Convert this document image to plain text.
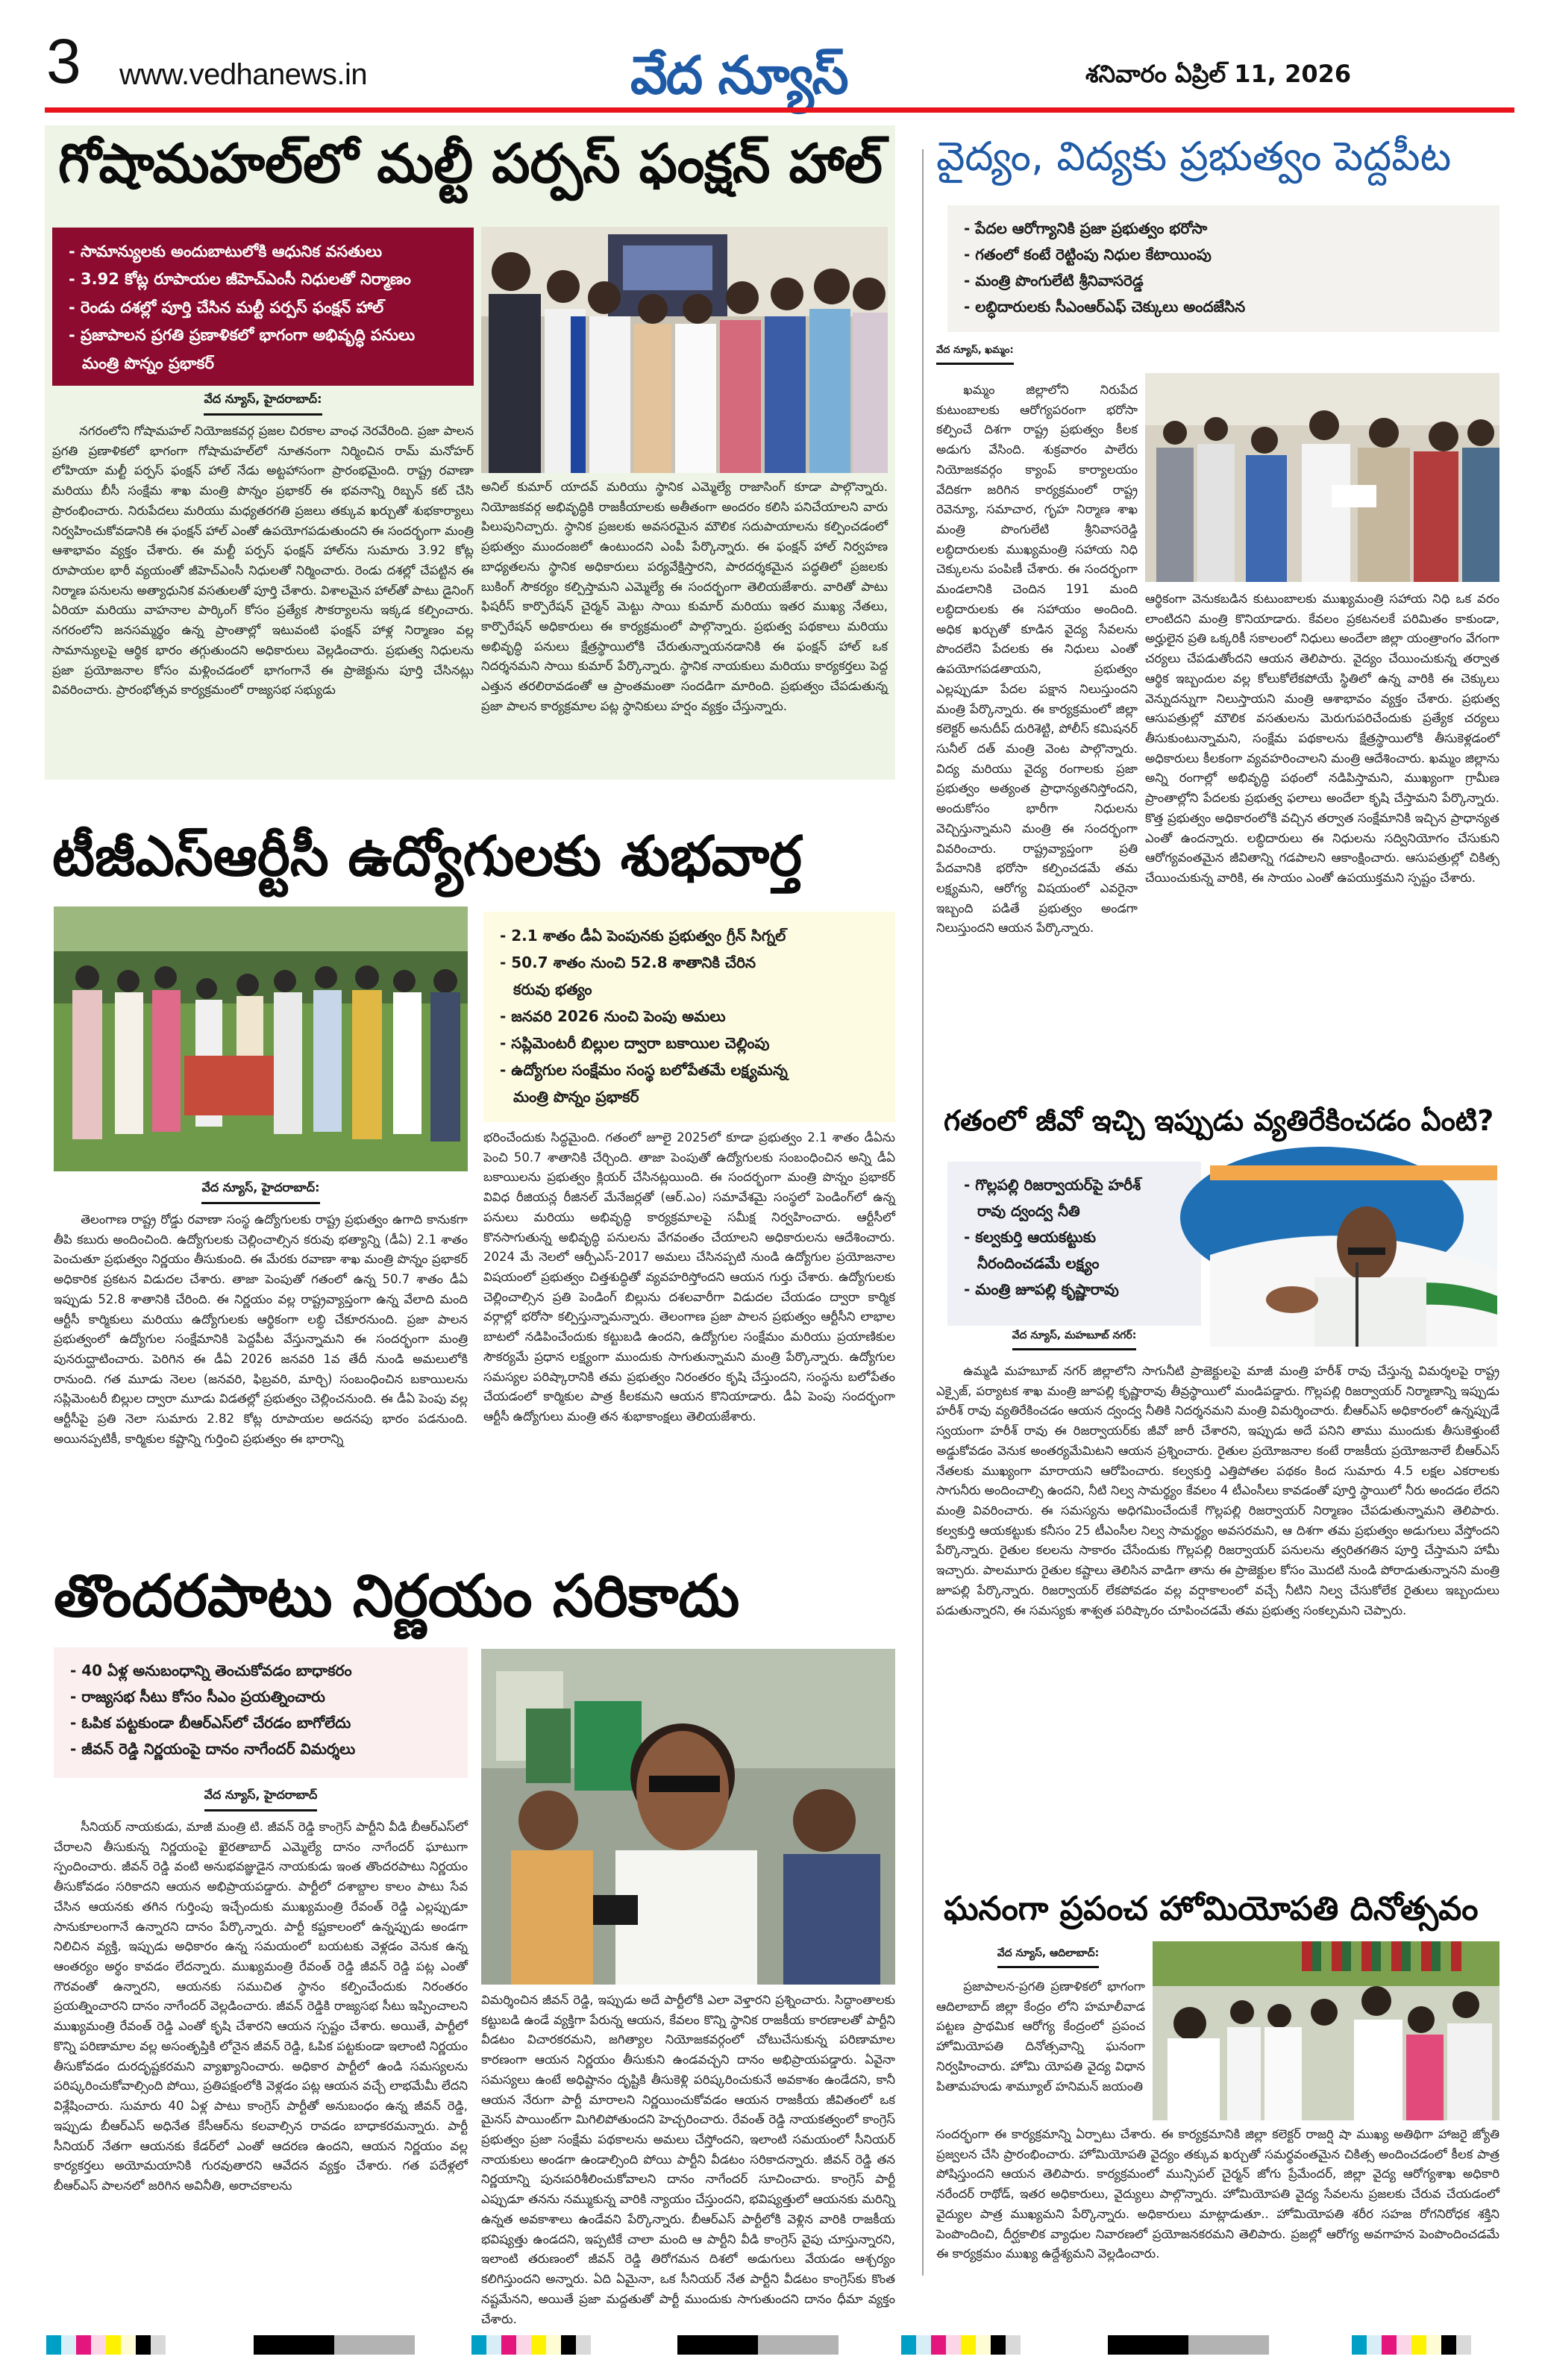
3 www.vedhanews.in	వేద న్యూస్	శనివారం ఏప్రిల్ 11, 2026
గోషామహల్‌లో మల్టీ పర్పస్ ఫంక్షన్ హాల్
- సామాన్యులకు అందుబాటులోకి ఆధునిక వసతులు
- 3.92 కోట్ల రూపాయల జీహెచ్ఎంసీ నిధులతో నిర్మాణం
- రెండు దశల్లో పూర్తి చేసిన మల్టీ పర్పస్ ఫంక్షన్ హాల్
- ప్రజాపాలన ప్రగతి ప్రణాళికలో భాగంగా అభివృద్ధి పనులు
మంత్రి పొన్నం ప్రభాకర్
వేద న్యూస్, హైదరాబాద్:

నగరంలోని గోషామహల్ నియోజకవర్గ ప్రజల చిరకాల వాంఛ నెరవేరింది. ప్రజా పాలన ప్రగతి ప్రణాళికలో భాగంగా గోషామహల్‌లో నూతనంగా నిర్మించిన రామ్ మనోహర్ లోహియా మల్టీ పర్పస్ ఫంక్షన్ హాల్ నేడు అట్టహాసంగా ప్రారంభమైంది. రాష్ట్ర రవాణా మరియు బీసీ సంక్షేమ శాఖ మంత్రి పొన్నం ప్రభాకర్ ఈ భవనాన్ని రిబ్బన్ కట్ చేసి ప్రారంభించారు. నిరుపేదలు మరియు మధ్యతరగతి ప్రజలు తక్కువ ఖర్చుతో శుభకార్యాలు నిర్వహించుకోవడానికి ఈ ఫంక్షన్ హాల్ ఎంతో ఉపయోగపడుతుందని ఈ సందర్భంగా మంత్రి ఆశాభావం వ్యక్తం చేశారు. ఈ మల్టీ పర్పస్ ఫంక్షన్ హాల్‌ను సుమారు 3.92 కోట్ల రూపాయల భారీ వ్యయంతో జీహెచ్ఎంసీ నిధులతో నిర్మించారు. రెండు దశల్లో చేపట్టిన ఈ నిర్మాణ పనులను అత్యాధునిక వసతులతో పూర్తి చేశారు. విశాలమైన హాల్‌తో పాటు డైనింగ్ ఏరియా మరియు వాహనాల పార్కింగ్ కోసం ప్రత్యేక సౌకర్యాలను ఇక్కడ కల్పించారు. నగరంలోని జనసమ్మర్థం ఉన్న ప్రాంతాల్లో ఇటువంటి ఫంక్షన్ హాళ్ల నిర్మాణం వల్ల సామాన్యులపై ఆర్థిక భారం తగ్గుతుందని అధికారులు వెల్లడించారు. ప్రభుత్వ నిధులను ప్రజా ప్రయోజనాల కోసం మళ్లించడంలో భాగంగానే ఈ ప్రాజెక్టును పూర్తి చేసినట్లు వివరించారు. ప్రారంభోత్సవ కార్యక్రమంలో రాజ్యసభ సభ్యుడు

అనిల్ కుమార్ యాదవ్ మరియు స్థానిక ఎమ్మెల్యే రాజాసింగ్ కూడా పాల్గొన్నారు. నియోజకవర్గ అభివృద్ధికి రాజకీయాలకు అతీతంగా అందరం కలిసి పనిచేయాలని వారు పిలుపునిచ్చారు. స్థానిక ప్రజలకు అవసరమైన మౌలిక సదుపాయాలను కల్పించడంలో ప్రభుత్వం ముందంజలో ఉంటుందని ఎంపీ పేర్కొన్నారు. ఈ ఫంక్షన్ హాల్ నిర్వహణ బాధ్యతలను స్థానిక అధికారులు పర్యవేక్షిస్తారని, పారదర్శకమైన పద్ధతిలో ప్రజలకు బుకింగ్ సౌకర్యం కల్పిస్తామని ఎమ్మెల్యే ఈ సందర్భంగా తెలియజేశారు. వారితో పాటు ఫిషరీస్ కార్పొరేషన్ చైర్మన్ మెట్టు సాయి కుమార్ మరియు ఇతర ముఖ్య నేతలు, కార్పొరేషన్ అధికారులు ఈ కార్యక్రమంలో పాల్గొన్నారు. ప్రభుత్వ పథకాలు మరియు అభివృద్ధి పనులు క్షేత్రస్థాయిలోకి చేరుతున్నాయనడానికి ఈ ఫంక్షన్ హాల్ ఒక నిదర్శనమని సాయి కుమార్ పేర్కొన్నారు. స్థానిక నాయకులు మరియు కార్యకర్తలు పెద్ద ఎత్తున తరలిరావడంతో ఆ ప్రాంతమంతా సందడిగా మారింది. ప్రభుత్వం చేపడుతున్న ప్రజా పాలన కార్యక్రమాల పట్ల స్థానికులు హర్షం వ్యక్తం చేస్తున్నారు.

టీజీఎస్ఆర్టీసీ ఉద్యోగులకు శుభవార్త
- 2.1 శాతం డీఏ పెంపునకు ప్రభుత్వం గ్రీన్ సిగ్నల్
- 50.7 శాతం నుంచి 52.8 శాతానికి చేరిన
కరువు భత్యం
- జనవరి 2026 నుంచి పెంపు అమలు
- సప్లిమెంటరీ బిల్లుల ద్వారా బకాయిల చెల్లింపు
- ఉద్యోగుల సంక్షేమం సంస్థ బలోపేతమే లక్ష్యమన్న
మంత్రి పొన్నం ప్రభాకర్
వేద న్యూస్, హైదరాబాద్:

తెలంగాణ రాష్ట్ర రోడ్డు రవాణా సంస్థ ఉద్యోగులకు రాష్ట్ర ప్రభుత్వం ఉగాది కానుకగా తీపి కబురు అందించింది. ఉద్యోగులకు చెల్లించాల్సిన కరువు భత్యాన్ని (డీఏ) 2.1 శాతం పెంచుతూ ప్రభుత్వం నిర్ణయం తీసుకుంది. ఈ మేరకు రవాణా శాఖ మంత్రి పొన్నం ప్రభాకర్ అధికారిక ప్రకటన విడుదల చేశారు. తాజా పెంపుతో గతంలో ఉన్న 50.7 శాతం డీఏ ఇప్పుడు 52.8 శాతానికి చేరింది. ఈ నిర్ణయం వల్ల రాష్ట్రవ్యాప్తంగా ఉన్న వేలాది మంది ఆర్టీసీ కార్మికులు మరియు ఉద్యోగులకు ఆర్థికంగా లబ్ధి చేకూరనుంది. ప్రజా పాలన ప్రభుత్వంలో ఉద్యోగుల సంక్షేమానికి పెద్దపీట వేస్తున్నామని ఈ సందర్భంగా మంత్రి పునరుద్ఘాటించారు. పెరిగిన ఈ డీఏ 2026 జనవరి 1వ తేదీ నుండి అమలులోకి రానుంది. గత మూడు నెలల (జనవరి, ఫిబ్రవరి, మార్చి) సంబంధించిన బకాయిలను సప్లిమెంటరీ బిల్లుల ద్వారా మూడు విడతల్లో ప్రభుత్వం చెల్లించనుంది. ఈ డీఏ పెంపు వల్ల ఆర్టీసీపై ప్రతి నెలా సుమారు 2.82 కోట్ల రూపాయల అదనపు భారం పడనుంది. అయినప్పటికీ, కార్మికుల కష్టాన్ని గుర్తించి ప్రభుత్వం ఈ భారాన్ని

భరించేందుకు సిద్ధమైంది. గతంలో జూలై 2025లో కూడా ప్రభుత్వం 2.1 శాతం డీఏను పెంచి 50.7 శాతానికి చేర్చింది. తాజా పెంపుతో ఉద్యోగులకు సంబంధించిన అన్ని డీఏ బకాయిలను ప్రభుత్వం క్లియర్ చేసినట్లయింది. ఈ సందర్భంగా మంత్రి పొన్నం ప్రభాకర్ వివిధ రీజియన్ల రీజినల్ మేనేజర్లతో (ఆర్.ఎం) సమావేశమై సంస్థలో పెండింగ్‌లో ఉన్న పనులు మరియు అభివృద్ధి కార్యక్రమాలపై సమీక్ష నిర్వహించారు. ఆర్టీసీలో కొనసాగుతున్న అభివృద్ధి పనులను వేగవంతం చేయాలని అధికారులను ఆదేశించారు. 2024 మే నెలలో ఆర్పీఎస్-2017 అమలు చేసినప్పటి నుండి ఉద్యోగుల ప్రయోజనాల విషయంలో ప్రభుత్వం చిత్తశుద్ధితో వ్యవహరిస్తోందని ఆయన గుర్తు చేశారు. ఉద్యోగులకు చెల్లించాల్సిన ప్రతి పెండింగ్ బిల్లును దశలవారీగా విడుదల చేయడం ద్వారా కార్మిక వర్గాల్లో భరోసా కల్పిస్తున్నామన్నారు. తెలంగాణ ప్రజా పాలన ప్రభుత్వం ఆర్టీసీని లాభాల బాటలో నడిపించేందుకు కట్టుబడి ఉందని, ఉద్యోగుల సంక్షేమం మరియు ప్రయాణికుల సౌకర్యమే ప్రధాన లక్ష్యంగా ముందుకు సాగుతున్నామని మంత్రి పేర్కొన్నారు. ఉద్యోగుల సమస్యల పరిష్కారానికి తమ ప్రభుత్వం నిరంతరం కృషి చేస్తుందని, సంస్థను బలోపేతం చేయడంలో కార్మికుల పాత్ర కీలకమని ఆయన కొనియాడారు. డీఏ పెంపు సందర్భంగా ఆర్టీసీ ఉద్యోగులు మంత్రి తన శుభాకాంక్షలు తెలియజేశారు.

తొందరపాటు నిర్ణయం సరికాదు
- 40 ఏళ్ల అనుబంధాన్ని తెంచుకోవడం బాధాకరం
- రాజ్యసభ సీటు కోసం సీఎం ప్రయత్నించారు
- ఓపిక పట్టకుండా బీఆర్ఎస్‌లో చేరడం బాగోలేదు
- జీవన్ రెడ్డి నిర్ణయంపై దానం నాగేందర్ విమర్శలు
వేద న్యూస్, హైదరాబాద్

సీనియర్ నాయకుడు, మాజీ మంత్రి టి. జీవన్ రెడ్డి కాంగ్రెస్ పార్టీని వీడి బీఆర్ఎస్‌లో చేరాలని తీసుకున్న నిర్ణయంపై ఖైరతాబాద్ ఎమ్మెల్యే దానం నాగేందర్ ఘాటుగా స్పందించారు. జీవన్ రెడ్డి వంటి అనుభవజ్ఞుడైన నాయకుడు ఇంత తొందరపాటు నిర్ణయం తీసుకోవడం సరికాదని ఆయన అభిప్రాయపడ్డారు. పార్టీలో దశాబ్దాల కాలం పాటు సేవ చేసిన ఆయనకు తగిన గుర్తింపు ఇచ్చేందుకు ముఖ్యమంత్రి రేవంత్ రెడ్డి ఎల్లప్పుడూ సానుకూలంగానే ఉన్నారని దానం పేర్కొన్నారు. పార్టీ కష్టకాలంలో ఉన్నప్పుడు అండగా నిలిచిన వ్యక్తి, ఇప్పుడు అధికారం ఉన్న సమయంలో బయటకు వెళ్లడం వెనుక ఉన్న ఆంతర్యం అర్థం కావడం లేదన్నారు. ముఖ్యమంత్రి రేవంత్ రెడ్డి జీవన్ రెడ్డి పట్ల ఎంతో గౌరవంతో ఉన్నారని, ఆయనకు సముచిత స్థానం కల్పించేందుకు నిరంతరం ప్రయత్నించారని దానం నాగేందర్ వెల్లడించారు. జీవన్ రెడ్డికి రాజ్యసభ సీటు ఇప్పించాలని ముఖ్యమంత్రి రేవంత్ రెడ్డి ఎంతో కృషి చేశారని ఆయన స్పష్టం చేశారు. అయితే, పార్టీలో కొన్ని పరిణామాల వల్ల అసంతృప్తికి లోనైన జీవన్ రెడ్డి, ఓపిక పట్టకుండా ఇలాంటి నిర్ణయం తీసుకోవడం దురదృష్టకరమని వ్యాఖ్యానించారు. అధికార పార్టీలో ఉండి సమస్యలను పరిష్కరించుకోవాల్సింది పోయి, ప్రతిపక్షంలోకి వెళ్లడం పట్ల ఆయన వచ్చే లాభమేమీ లేదని విశ్లేషించారు. సుమారు 40 ఏళ్ల పాటు కాంగ్రెస్ పార్టీతో అనుబంధం ఉన్న జీవన్ రెడ్డి, ఇప్పుడు బీఆర్ఎస్ అధినేత కేసీఆర్‌ను కలవాల్సిన రావడం బాధాకరమన్నారు. పార్టీ సీనియర్ నేతగా ఆయనకు కేడర్‌లో ఎంతో ఆదరణ ఉందని, ఆయన నిర్ణయం వల్ల కార్యకర్తలు అయోమయానికి గురవుతారని ఆవేదన వ్యక్తం చేశారు. గత పదేళ్లలో బీఆర్ఎస్ పాలనలో జరిగిన అవినీతి, అరాచకాలను

విమర్శించిన జీవన్ రెడ్డి, ఇప్పుడు అదే పార్టీలోకి ఎలా వెళ్తారని ప్రశ్నించారు. సిద్ధాంతాలకు కట్టుబడి ఉండే వ్యక్తిగా పేరున్న ఆయన, కేవలం కొన్ని స్థానిక రాజకీయ కారణాలతో పార్టీని వీడటం విచారకరమని, జగిత్యాల నియోజకవర్గంలో చోటుచేసుకున్న పరిణామాల కారణంగా ఆయన నిర్ణయం తీసుకుని ఉండవచ్చని దానం అభిప్రాయపడ్డారు. ఏవైనా సమస్యలు ఉంటే అధిష్టానం దృష్టికి తీసుకెళ్లి పరిష్కరించుకునే అవకాశం ఉండేదని, కానీ ఆయన నేరుగా పార్టీ మారాలని నిర్ణయించుకోవడం ఆయన రాజకీయ జీవితంలో ఒక మైనస్ పాయింట్‌గా మిగిలిపోతుందని హెచ్చరించారు. రేవంత్ రెడ్డి నాయకత్వంలో కాంగ్రెస్ ప్రభుత్వం ప్రజా సంక్షేమ పథకాలను అమలు చేస్తోందని, ఇలాంటి సమయంలో సీనియర్ నాయకులు అండగా ఉండాల్సింది పోయి పార్టీని వీడటం సరికాదన్నారు. జీవన్ రెడ్డి తన నిర్ణయాన్ని పునఃపరిశీలించుకోవాలని దానం నాగేందర్ సూచించారు. కాంగ్రెస్ పార్టీ ఎప్పుడూ తనను నమ్ముకున్న వారికి న్యాయం చేస్తుందని, భవిష్యత్తులో ఆయనకు మరిన్ని ఉన్నత అవకాశాలు ఉండేవని పేర్కొన్నారు. బీఆర్ఎస్ పార్టీలోకి వెళ్లిన వారికి రాజకీయ భవిష్యత్తు ఉండదని, ఇప్పటికే చాలా మంది ఆ పార్టీని వీడి కాంగ్రెస్ వైపు చూస్తున్నారని, ఇలాంటి తరుణంలో జీవన్ రెడ్డి తిరోగమన దిశలో అడుగులు వేయడం ఆశ్చర్యం కలిగిస్తుందని అన్నారు. ఏది ఏమైనా, ఒక సీనియర్ నేత పార్టీని వీడటం కాంగ్రెస్‌కు కొంత నష్టమేనని, అయితే ప్రజా మద్దతుతో పార్టీ ముందుకు సాగుతుందని దానం ధీమా వ్యక్తం చేశారు.

వైద్యం, విద్యకు ప్రభుత్వం పెద్దపీట
- పేదల ఆరోగ్యానికి ప్రజా ప్రభుత్వం భరోసా
- గతంలో కంటే రెట్టింపు నిధుల కేటాయింపు
- మంత్రి పొంగులేటి శ్రీనివాసరెడ్డ
- లబ్ధిదారులకు సీఎంఆర్ఎఫ్ చెక్కులు అందజేసిన
వేద న్యూస్, ఖమ్మం:

ఖమ్మం జిల్లాలోని నిరుపేద కుటుంబాలకు ఆరోగ్యపరంగా భరోసా కల్పించే దిశగా రాష్ట్ర ప్రభుత్వం కీలక అడుగు వేసింది. శుక్రవారం పాలేరు నియోజకవర్గం క్యాంప్ కార్యాలయం వేదికగా జరిగిన కార్యక్రమంలో రాష్ట్ర రెవెన్యూ, సమాచార, గృహ నిర్మాణ శాఖ మంత్రి పొంగులేటి శ్రీనివాసరెడ్డి లబ్ధిదారులకు ముఖ్యమంత్రి సహాయ నిధి చెక్కులను పంపిణీ చేశారు. ఈ సందర్భంగా మండలానికి చెందిన 191 మంది లబ్ధిదారులకు ఈ సహాయం అందింది. అధిక ఖర్చుతో కూడిన వైద్య సేవలను పొందలేని పేదలకు ఈ నిధులు ఎంతో ఉపయోగపడతాయని, ప్రభుత్వం ఎల్లప్పుడూ పేదల పక్షాన నిలుస్తుందని మంత్రి పేర్కొన్నారు. ఈ కార్యక్రమంలో జిల్లా కలెక్టర్ అనుదీప్ దురిశెట్టి, పోలీస్ కమిషనర్ సునీల్ దత్ మంత్రి వెంట పాల్గొన్నారు. విద్య మరియు వైద్య రంగాలకు ప్రజా ప్రభుత్వం అత్యంత ప్రాధాన్యతనిస్తోందని, అందుకోసం భారీగా నిధులను వెచ్చిస్తున్నామని మంత్రి ఈ సందర్భంగా వివరించారు. రాష్ట్రవ్యాప్తంగా ప్రతి పేదవానికి భరోసా కల్పించడమే తమ లక్ష్యమని, ఆరోగ్య విషయంలో ఎవరైనా ఇబ్బంది పడితే ప్రభుత్వం అండగా నిలుస్తుందని ఆయన పేర్కొన్నారు.

ఆర్థికంగా వెనుకబడిన కుటుంబాలకు ముఖ్యమంత్రి సహాయ నిధి ఒక వరం లాంటిదని మంత్రి కొనియాడారు. కేవలం ప్రకటనలకే పరిమితం కాకుండా, అర్హులైన ప్రతి ఒక్కరికీ సకాలంలో నిధులు అందేలా జిల్లా యంత్రాంగం వేగంగా చర్యలు చేపడుతోందని ఆయన తెలిపారు. వైద్యం చేయించుకున్న తర్వాత ఆర్థిక ఇబ్బందుల వల్ల కోలుకోలేకపోయే స్థితిలో ఉన్న వారికి ఈ చెక్కులు వెన్నుదన్నుగా నిలుస్తాయని మంత్రి ఆశాభావం వ్యక్తం చేశారు. ప్రభుత్వ ఆసుపత్రుల్లో మౌలిక వసతులను మెరుగుపరిచేందుకు ప్రత్యేక చర్యలు తీసుకుంటున్నామని, సంక్షేమ పథకాలను క్షేత్రస్థాయిలోకి తీసుకెళ్లడంలో అధికారులు కీలకంగా వ్యవహరించాలని మంత్రి ఆదేశించారు. ఖమ్మం జిల్లాను అన్ని రంగాల్లో అభివృద్ధి పథంలో నడిపిస్తామని, ముఖ్యంగా గ్రామీణ ప్రాంతాల్లోని పేదలకు ప్రభుత్వ ఫలాలు అందేలా కృషి చేస్తామని పేర్కొన్నారు. కొత్త ప్రభుత్వం అధికారంలోకి వచ్చిన తర్వాత సంక్షేమానికి ఇచ్చిన ప్రాధాన్యత ఎంతో ఉందన్నారు. లబ్ధిదారులు ఈ నిధులను సద్వినియోగం చేసుకుని ఆరోగ్యవంతమైన జీవితాన్ని గడపాలని ఆకాంక్షించారు. ఆసుపత్రుల్లో చికిత్స చేయించుకున్న వారికి, ఈ సాయం ఎంతో ఉపయుక్తమని స్పష్టం చేశారు.

గతంలో జీవో ఇచ్చి ఇప్పుడు వ్యతిరేకించడం ఏంటి?
- గొల్లపల్లి రిజర్వాయర్‌పై హరీశ్
రావు ద్వంద్వ నీతి
- కల్వకుర్తి ఆయకట్టుకు
నీరందించడమే లక్ష్యం
- మంత్రి జూపల్లి కృష్ణారావు
వేద న్యూస్, మహబూబ్ నగర్:

ఉమ్మడి మహబూబ్ నగర్ జిల్లాలోని సాగునీటి ప్రాజెక్టులపై మాజీ మంత్రి హరీశ్ రావు చేస్తున్న విమర్శలపై రాష్ట్ర ఎక్సైజ్, పర్యాటక శాఖ మంత్రి జూపల్లి కృష్ణారావు తీవ్రస్థాయిలో మండిపడ్డారు. గొల్లపల్లి రిజర్వాయర్ నిర్మాణాన్ని ఇప్పుడు హరీశ్ రావు వ్యతిరేకించడం ఆయన ద్వంద్వ నీతికి నిదర్శనమని మంత్రి విమర్శించారు. బీఆర్ఎస్ అధికారంలో ఉన్నప్పుడే స్వయంగా హరీశ్ రావు ఈ రిజర్వాయర్‌కు జీవో జారీ చేశారని, ఇప్పుడు అదే పనిని తాము ముందుకు తీసుకెళ్తుంటే అడ్డుకోవడం వెనుక అంతర్యమేమిటని ఆయన ప్రశ్నించారు. రైతుల ప్రయోజనాల కంటే రాజకీయ ప్రయోజనాలే బీఆర్ఎస్ నేతలకు ముఖ్యంగా మారాయని ఆరోపించారు. కల్వకుర్తి ఎత్తిపోతల పథకం కింద సుమారు 4.5 లక్షల ఎకరాలకు సాగునీరు అందించాల్సి ఉందని, నీటి నిల్వ సామర్థ్యం కేవలం 4 టీఎంసీలు కావడంతో పూర్తి స్థాయిలో నీరు అందడం లేదని మంత్రి వివరించారు. ఈ సమస్యను అధిగమించేందుకే గొల్లపల్లి రిజర్వాయర్ నిర్మాణం చేపడుతున్నామని తెలిపారు. కల్వకుర్తి ఆయకట్టుకు కనీసం 25 టీఎంసీల నిల్వ సామర్థ్యం అవసరమని, ఆ దిశగా తమ ప్రభుత్వం అడుగులు వేస్తోందని పేర్కొన్నారు. రైతుల కలలను సాకారం చేసేందుకు గొల్లపల్లి రిజర్వాయర్ పనులను త్వరితగతిన పూర్తి చేస్తామని హామీ ఇచ్చారు. పాలమూరు రైతుల కష్టాలు తెలిసిన వాడిగా తాను ఈ ప్రాజెక్టుల కోసం మొదటి నుండి పోరాడుతున్నానని మంత్రి జూపల్లి పేర్కొన్నారు. రిజర్వాయర్ లేకపోవడం వల్ల వర్షాకాలంలో వచ్చే నీటిని నిల్వ చేసుకోలేక రైతులు ఇబ్బందులు పడుతున్నారని, ఈ సమస్యకు శాశ్వత పరిష్కారం చూపించడమే తమ ప్రభుత్వ సంకల్పమని చెప్పారు.

ఘనంగా ప్రపంచ హోమియోపతి దినోత్సవం
వేద న్యూస్, ఆదిలాబాద్:

ప్రజాపాలన-ప్రగతి ప్రణాళికలో భాగంగా ఆదిలాబాద్ జిల్లా కేంద్రం లోని హమాలీవాడ పట్టణ ప్రాథమిక ఆరోగ్య కేంద్రంలో ప్రపంచ హోమియోపతి దినోత్సవాన్ని ఘనంగా నిర్వహించారు. హోమి యోపతి వైద్య విధాన పితామహుడు శామ్యూల్ హనిమన్ జయంతి

సందర్భంగా ఈ కార్యక్రమాన్ని ఏర్పాటు చేశారు. ఈ కార్యక్రమానికి జిల్లా కలెక్టర్ రాజర్షి షా ముఖ్య అతిథిగా హాజరై జ్యోతి ప్రజ్వలన చేసి ప్రారంభించారు. హోమియోపతి వైద్యం తక్కువ ఖర్చుతో సమర్థవంతమైన చికిత్స అందించడంలో కీలక పాత్ర పోషిస్తుందని ఆయన తెలిపారు. కార్యక్రమంలో మున్సిపల్ చైర్మన్ జోగు ప్రేమేందర్, జిల్లా వైద్య ఆరోగ్యశాఖ అధికారి నరేందర్ రాథోడ్, ఇతర అధికారులు, వైద్యులు పాల్గొన్నారు. హోమియోపతి వైద్య సేవలను ప్రజలకు చేరువ చేయడంలో వైద్యుల పాత్ర ముఖ్యమని పేర్కొన్నారు. అధికారులు మాట్లాడుతూ.. హోమియోపతి శరీర సహజ రోగనిరోధక శక్తిని పెంపొందించి, దీర్ఘకాలిక వ్యాధుల నివారణలో ప్రయోజనకరమని తెలిపారు. ప్రజల్లో ఆరోగ్య అవగాహన పెంపొందించడమే ఈ కార్యక్రమం ముఖ్య ఉద్దేశ్యమని వెల్లడించారు.
